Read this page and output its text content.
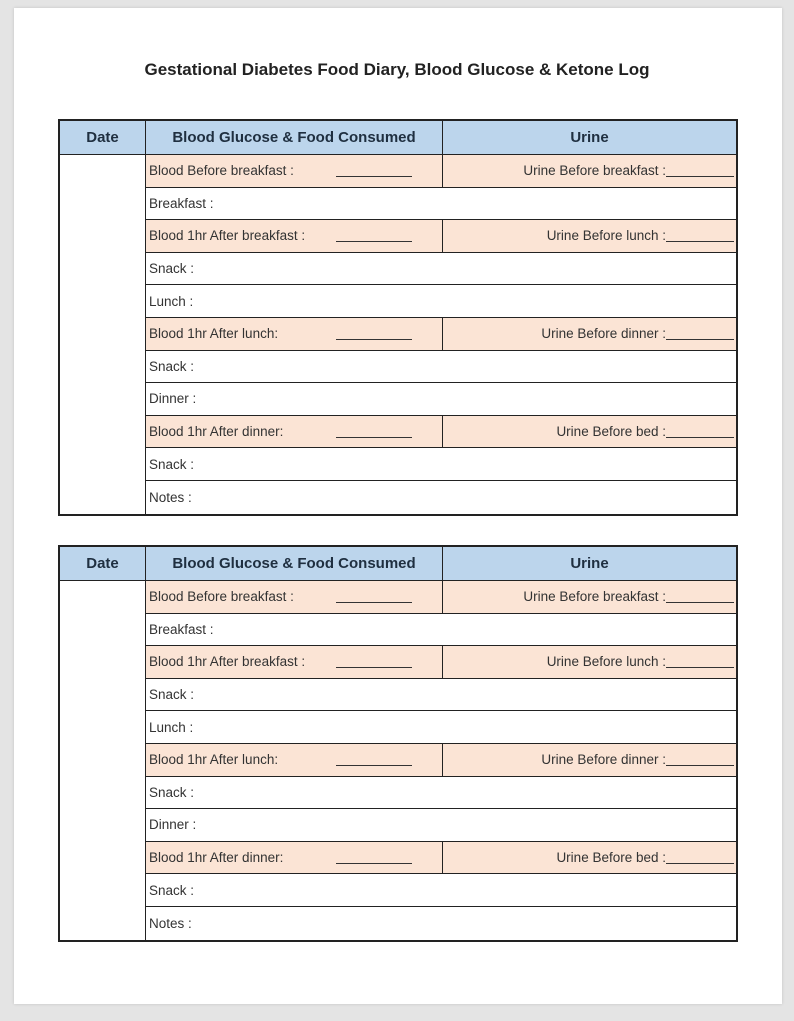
Gestational Diabetes Food Diary, Blood Glucose & Ketone Log
Date	Blood Glucose & Food Consumed	Urine
Blood Before breakfast :	Urine Before breakfast :
Breakfast :
Blood 1hr After breakfast :	Urine Before lunch :
Snack :
Lunch :
Blood 1hr After lunch:	Urine Before dinner :
Snack :
Dinner :
Blood 1hr After dinner:	Urine Before bed :
Snack :
Notes :
Date	Blood Glucose & Food Consumed	Urine
Blood Before breakfast :	Urine Before breakfast :
Breakfast :
Blood 1hr After breakfast :	Urine Before lunch :
Snack :
Lunch :
Blood 1hr After lunch:	Urine Before dinner :
Snack :
Dinner :
Blood 1hr After dinner:	Urine Before bed :
Snack :
Notes :
